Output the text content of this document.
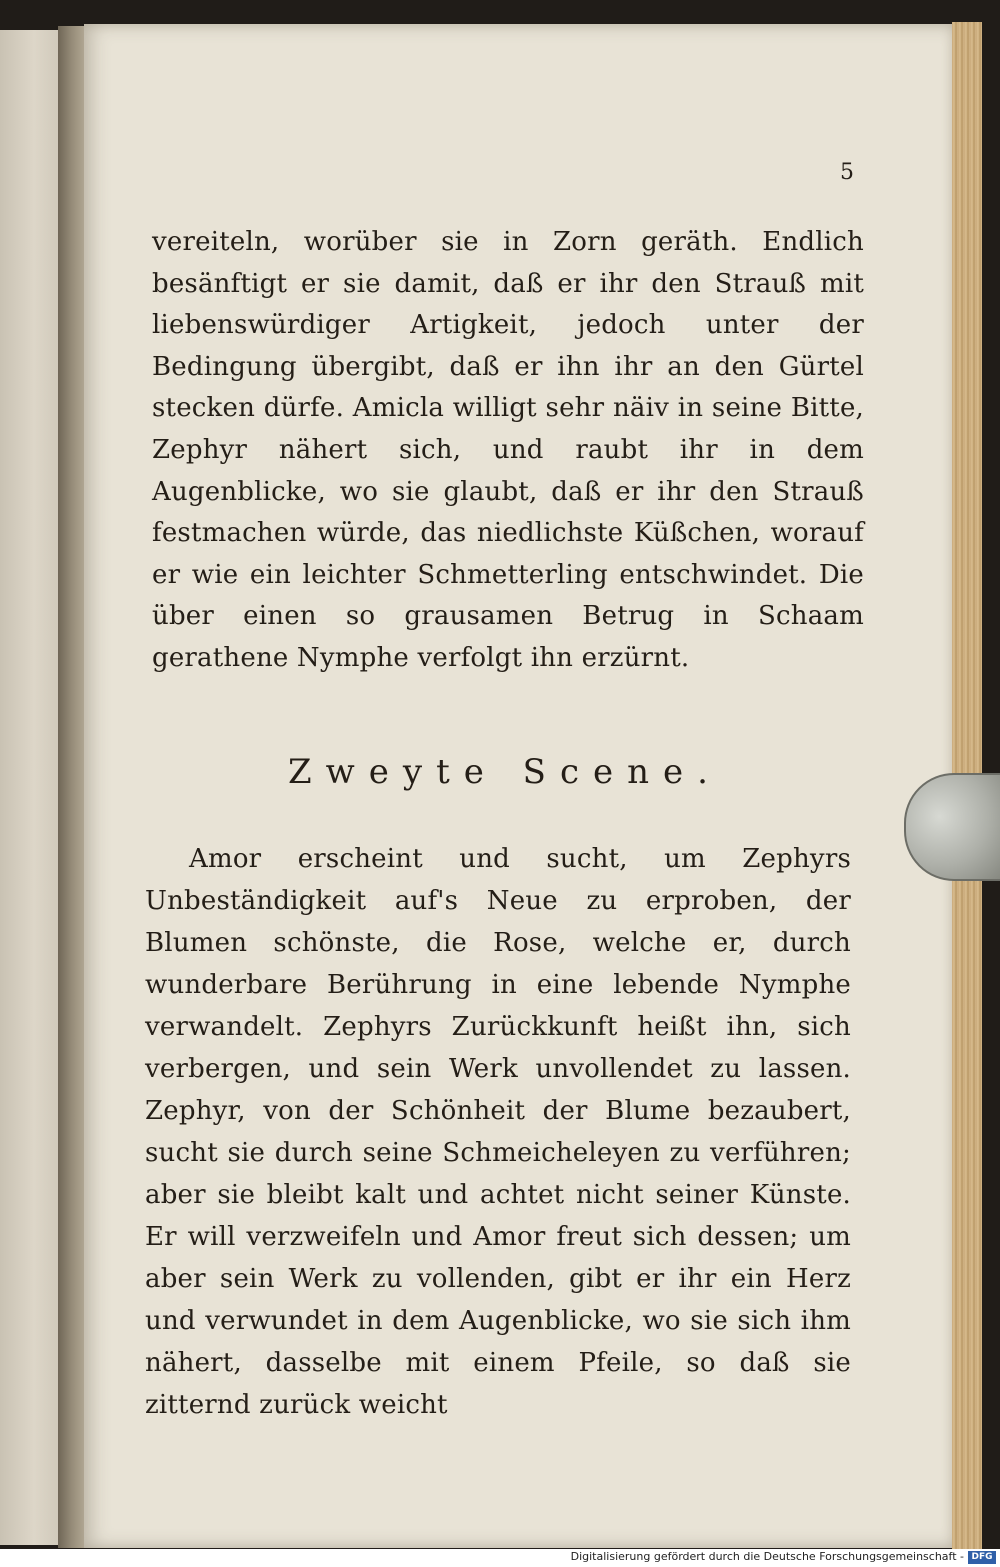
5

vereiteln, worüber sie in Zorn geräth. Endlich besänftigt er sie damit, daß er ihr den Strauß mit liebenswürdiger Artigkeit, jedoch unter der Bedingung übergibt, daß er ihn ihr an den Gürtel stecken dürfe. Amicla willigt sehr näiv in seine Bitte, Zephyr nähert sich, und raubt ihr in dem Augenblicke, wo sie glaubt, daß er ihr den Strauß festmachen würde, das niedlichste Küßchen, worauf er wie ein leichter Schmetterling entschwindet. Die über einen so grausamen Betrug in Schaam gerathene Nymphe verfolgt ihn erzürnt.

Zweyte Scene.

Amor erscheint und sucht, um Zephyrs Unbeständigkeit auf's Neue zu erproben, der Blumen schönste, die Rose, welche er, durch wunderbare Berührung in eine lebende Nymphe verwandelt. Zephyrs Zurückkunft heißt ihn, sich verbergen, und sein Werk unvollendet zu lassen. Zephyr, von der Schönheit der Blume bezaubert, sucht sie durch seine Schmeicheleyen zu verführen; aber sie bleibt kalt und achtet nicht seiner Künste. Er will verzweifeln und Amor freut sich dessen; um aber sein Werk zu vollenden, gibt er ihr ein Herz und verwundet in dem Augenblicke, wo sie sich ihm nähert, dasselbe mit einem Pfeile, so daß sie zitternd zurück weicht

Digitalisierung gefördert durch die Deutsche Forschungsgemeinschaft - DFG
